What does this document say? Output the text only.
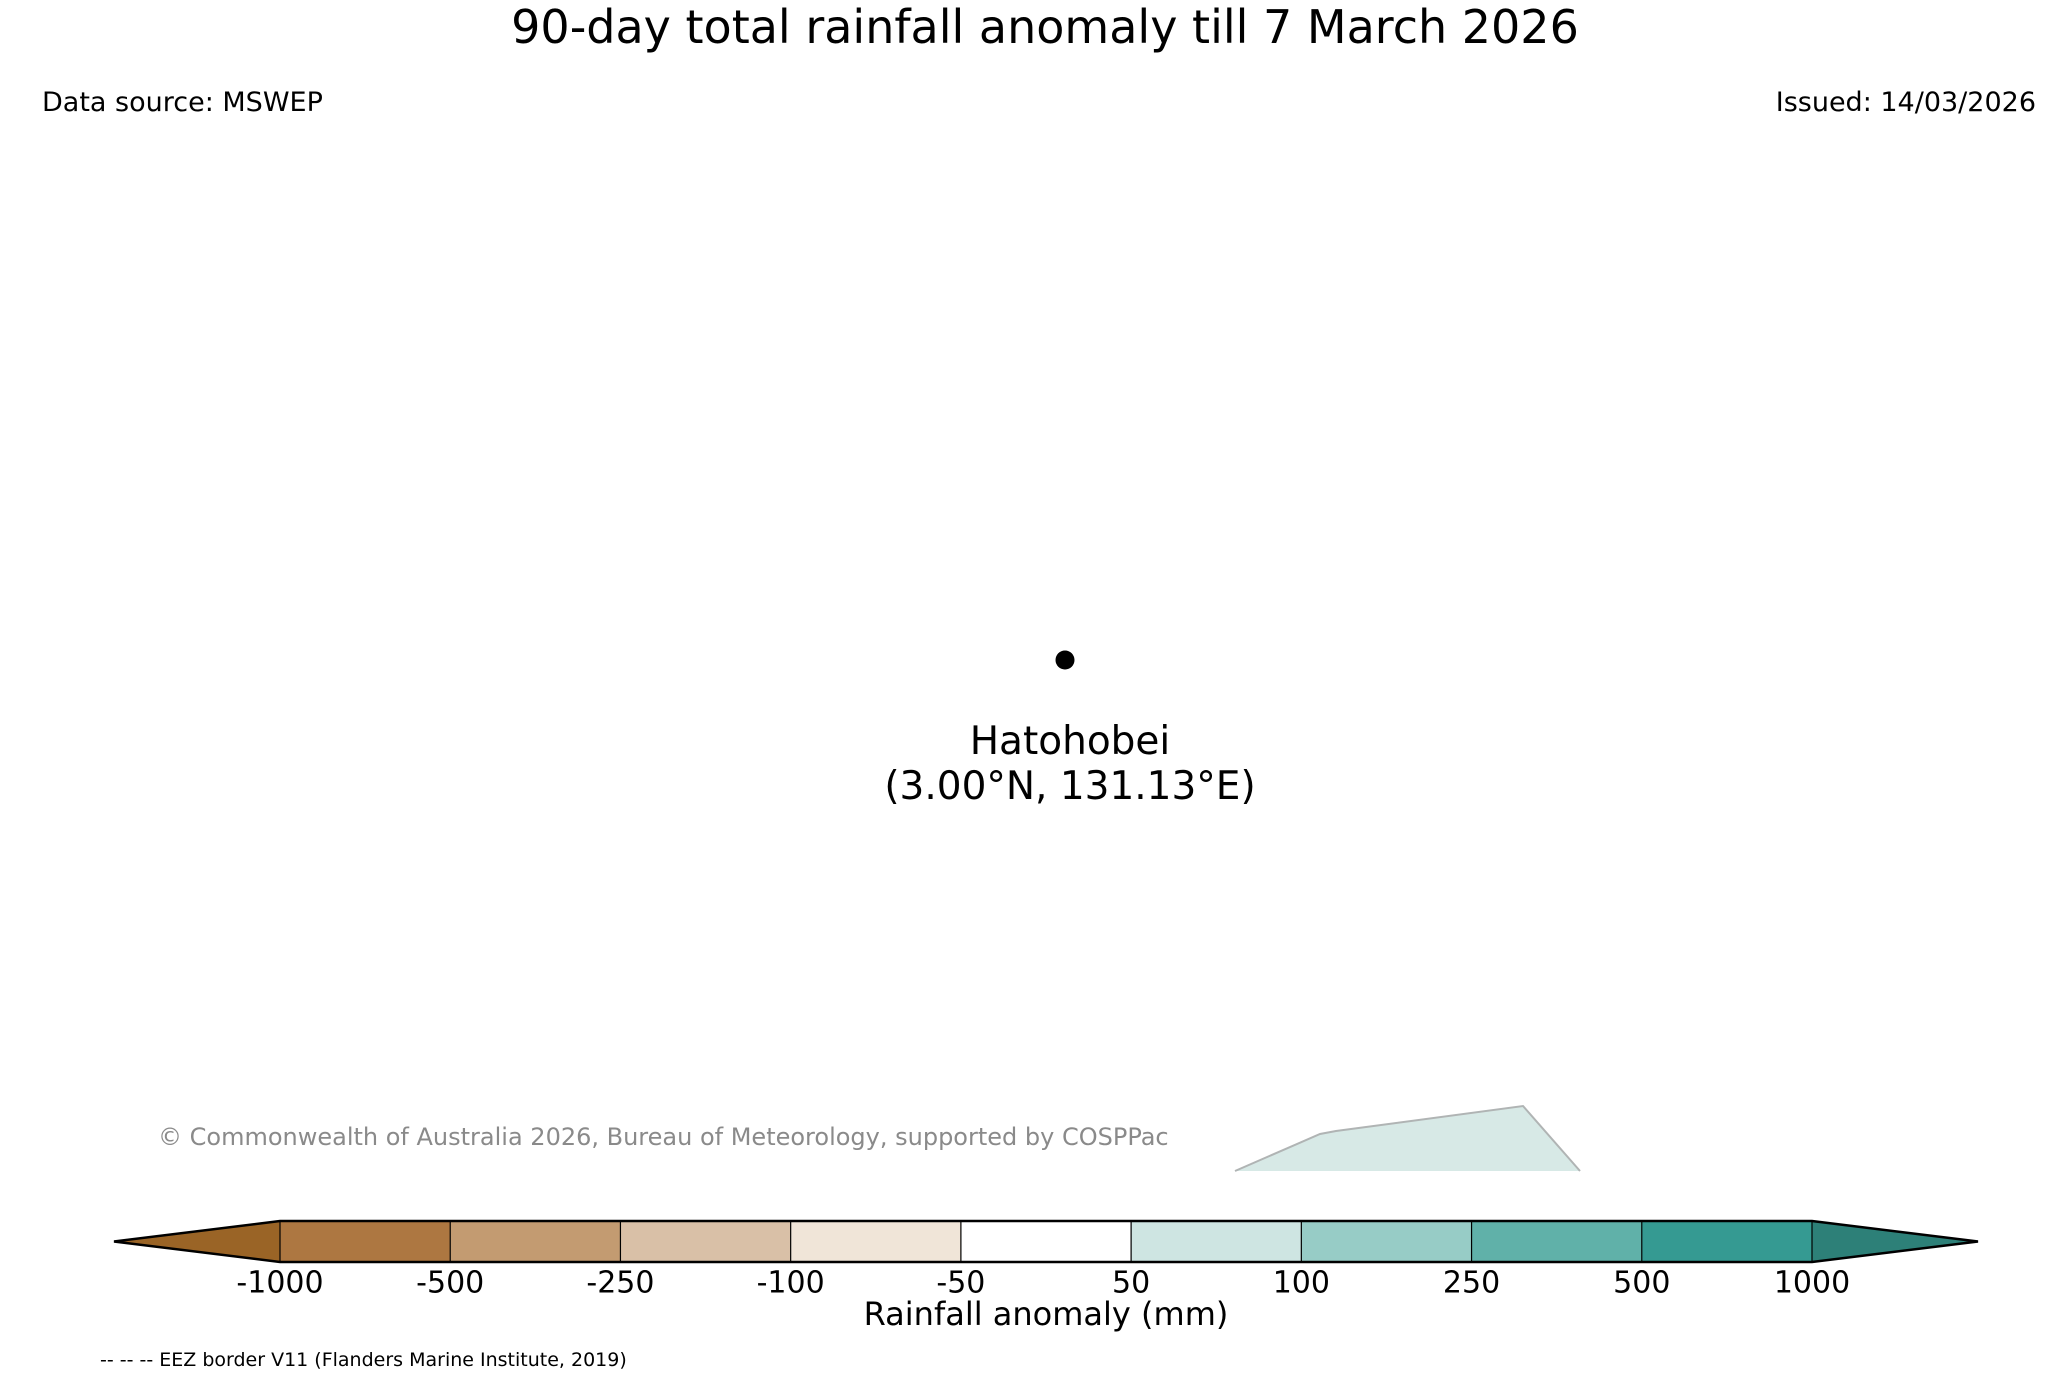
-1000	-500	-250	-100	-50	50	100	250	500	1000
90-day total rainfall anomaly till 7 March 2026
Data source: MSWEP	Issued: 14/03/2026
Hatohobei
(3.00°N, 131.13°E)
© Commonwealth of Australia 2026, Bureau of Meteorology, supported by COSPPac
Rainfall anomaly (mm)
-- -- -- EEZ border V11 (Flanders Marine Institute, 2019)
